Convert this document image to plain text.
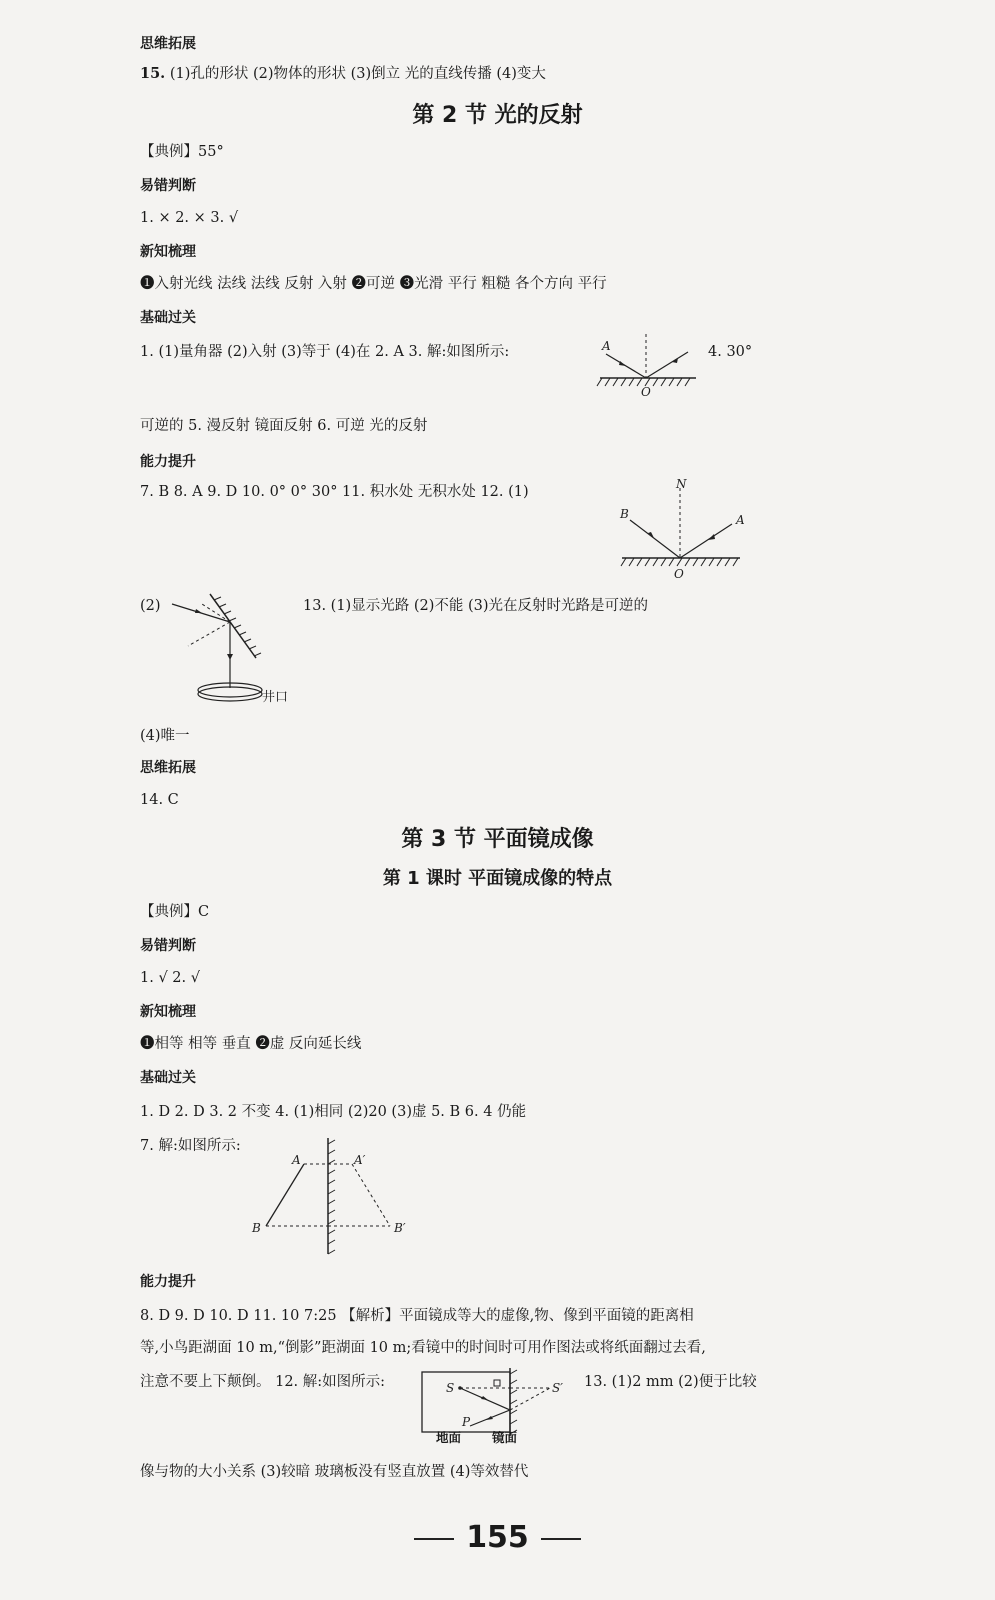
思维拓展
15. (1)孔的形状 (2)物体的形状 (3)倒立 光的直线传播 (4)变大
第 2 节 光的反射
【典例】55°
易错判断
1. × 2. × 3. √
新知梳理
❶入射光线 法线 法线 反射 入射 ❷可逆 ❸光滑 平行 粗糙 各个方向 平行
基础过关
1. (1)量角器 (2)入射 (3)等于 (4)在 2. A 3. 解:如图所示:	4. 30°
A
O
可逆的 5. 漫反射 镜面反射 6. 可逆 光的反射
能力提升
7. B 8. A 9. D 10. 0° 0° 30° 11. 积水处 无积水处 12. (1)	N
B	A
O
(2)	13. (1)显示光路 (2)不能 (3)光在反射时光路是可逆的
井口
(4)唯一
思维拓展
14. C
第 3 节 平面镜成像
第 1 课时 平面镜成像的特点
【典例】C
易错判断
1. √ 2. √
新知梳理
❶相等 相等 垂直 ❷虚 反向延长线
基础过关
1. D 2. D 3. 2 不变 4. (1)相同 (2)20 (3)虚 5. B 6. 4 仍能
7. 解:如图所示:
A	A′
B	B′
能力提升
8. D 9. D 10. D 11. 10 7:25 【解析】平面镜成等大的虚像,物、像到平面镜的距离相
等,小鸟距湖面 10 m,“倒影”距湖面 10 m;看镜中的时间时可用作图法或将纸面翻过去看,
注意不要上下颠倒。 12. 解:如图所示:	13. (1)2 mm (2)便于比较
S	S′
P
地面 镜面
像与物的大小关系 (3)较暗 玻璃板没有竖直放置 (4)等效替代
155
